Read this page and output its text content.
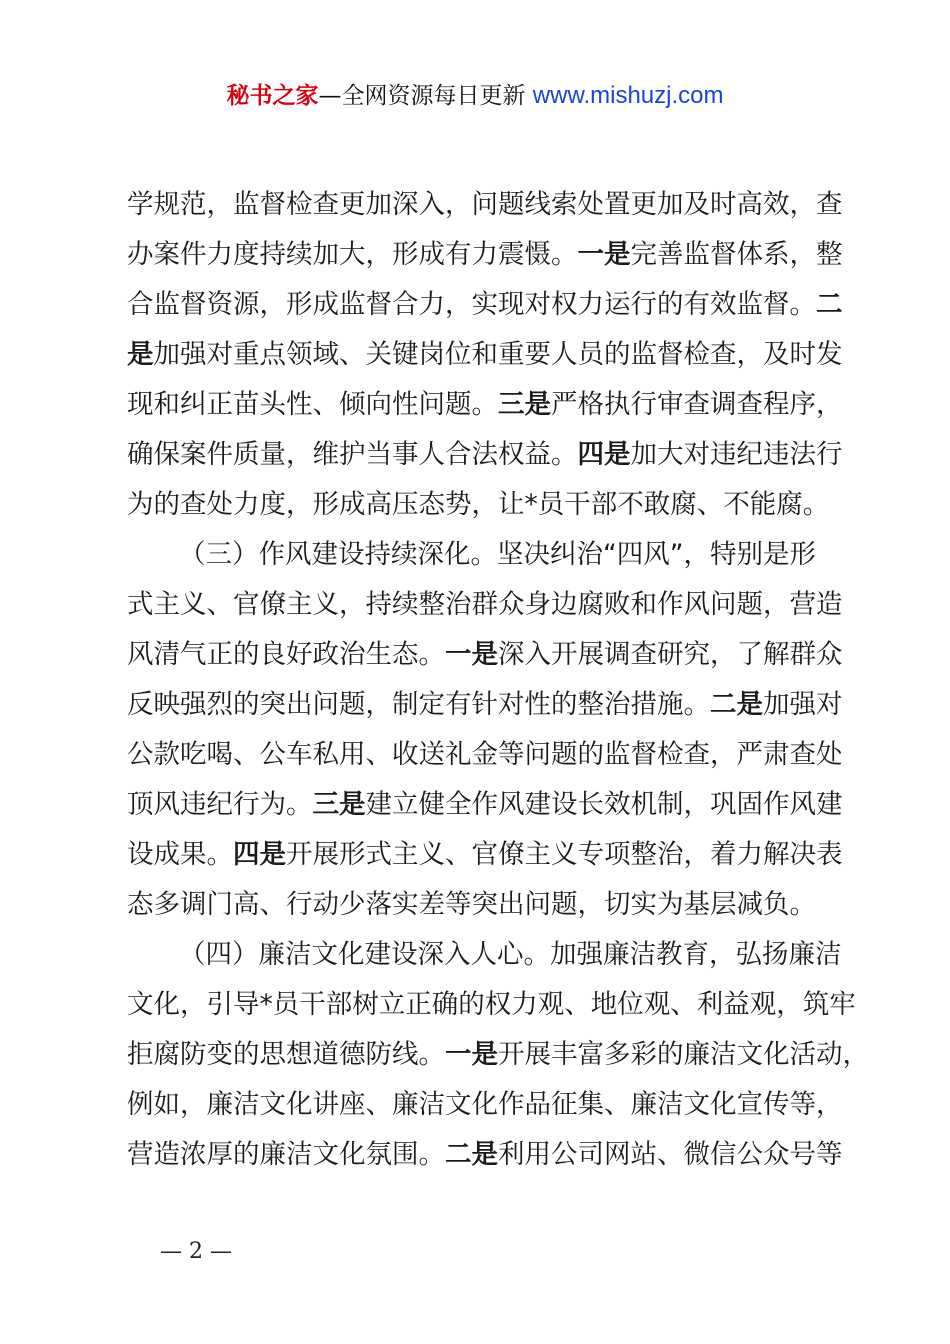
秘书之家—全网资源每日更新 www.mishuzj.com
学规范，监督检查更加深入，问题线索处置更加及时高效，查
办案件力度持续加大，形成有力震慑。一是完善监督体系，整
合监督资源，形成监督合力，实现对权力运行的有效监督。二
是加强对重点领域、关键岗位和重要人员的监督检查，及时发
现和纠正苗头性、倾向性问题。三是严格执行审查调查程序，
确保案件质量，维护当事人合法权益。四是加大对违纪违法行
为的查处力度，形成高压态势，让*员干部不敢腐、不能腐。
（三）作风建设持续深化。坚决纠治“四风”，特别是形
式主义、官僚主义，持续整治群众身边腐败和作风问题，营造
风清气正的良好政治生态。一是深入开展调查研究，了解群众
反映强烈的突出问题，制定有针对性的整治措施。二是加强对
公款吃喝、公车私用、收送礼金等问题的监督检查，严肃查处
顶风违纪行为。三是建立健全作风建设长效机制，巩固作风建
设成果。四是开展形式主义、官僚主义专项整治，着力解决表
态多调门高、行动少落实差等突出问题，切实为基层减负。
（四）廉洁文化建设深入人心。加强廉洁教育，弘扬廉洁
文化，引导*员干部树立正确的权力观、地位观、利益观，筑牢
拒腐防变的思想道德防线。一是开展丰富多彩的廉洁文化活动，
例如，廉洁文化讲座、廉洁文化作品征集、廉洁文化宣传等，
营造浓厚的廉洁文化氛围。二是利用公司网站、微信公众号等
— 2 —
